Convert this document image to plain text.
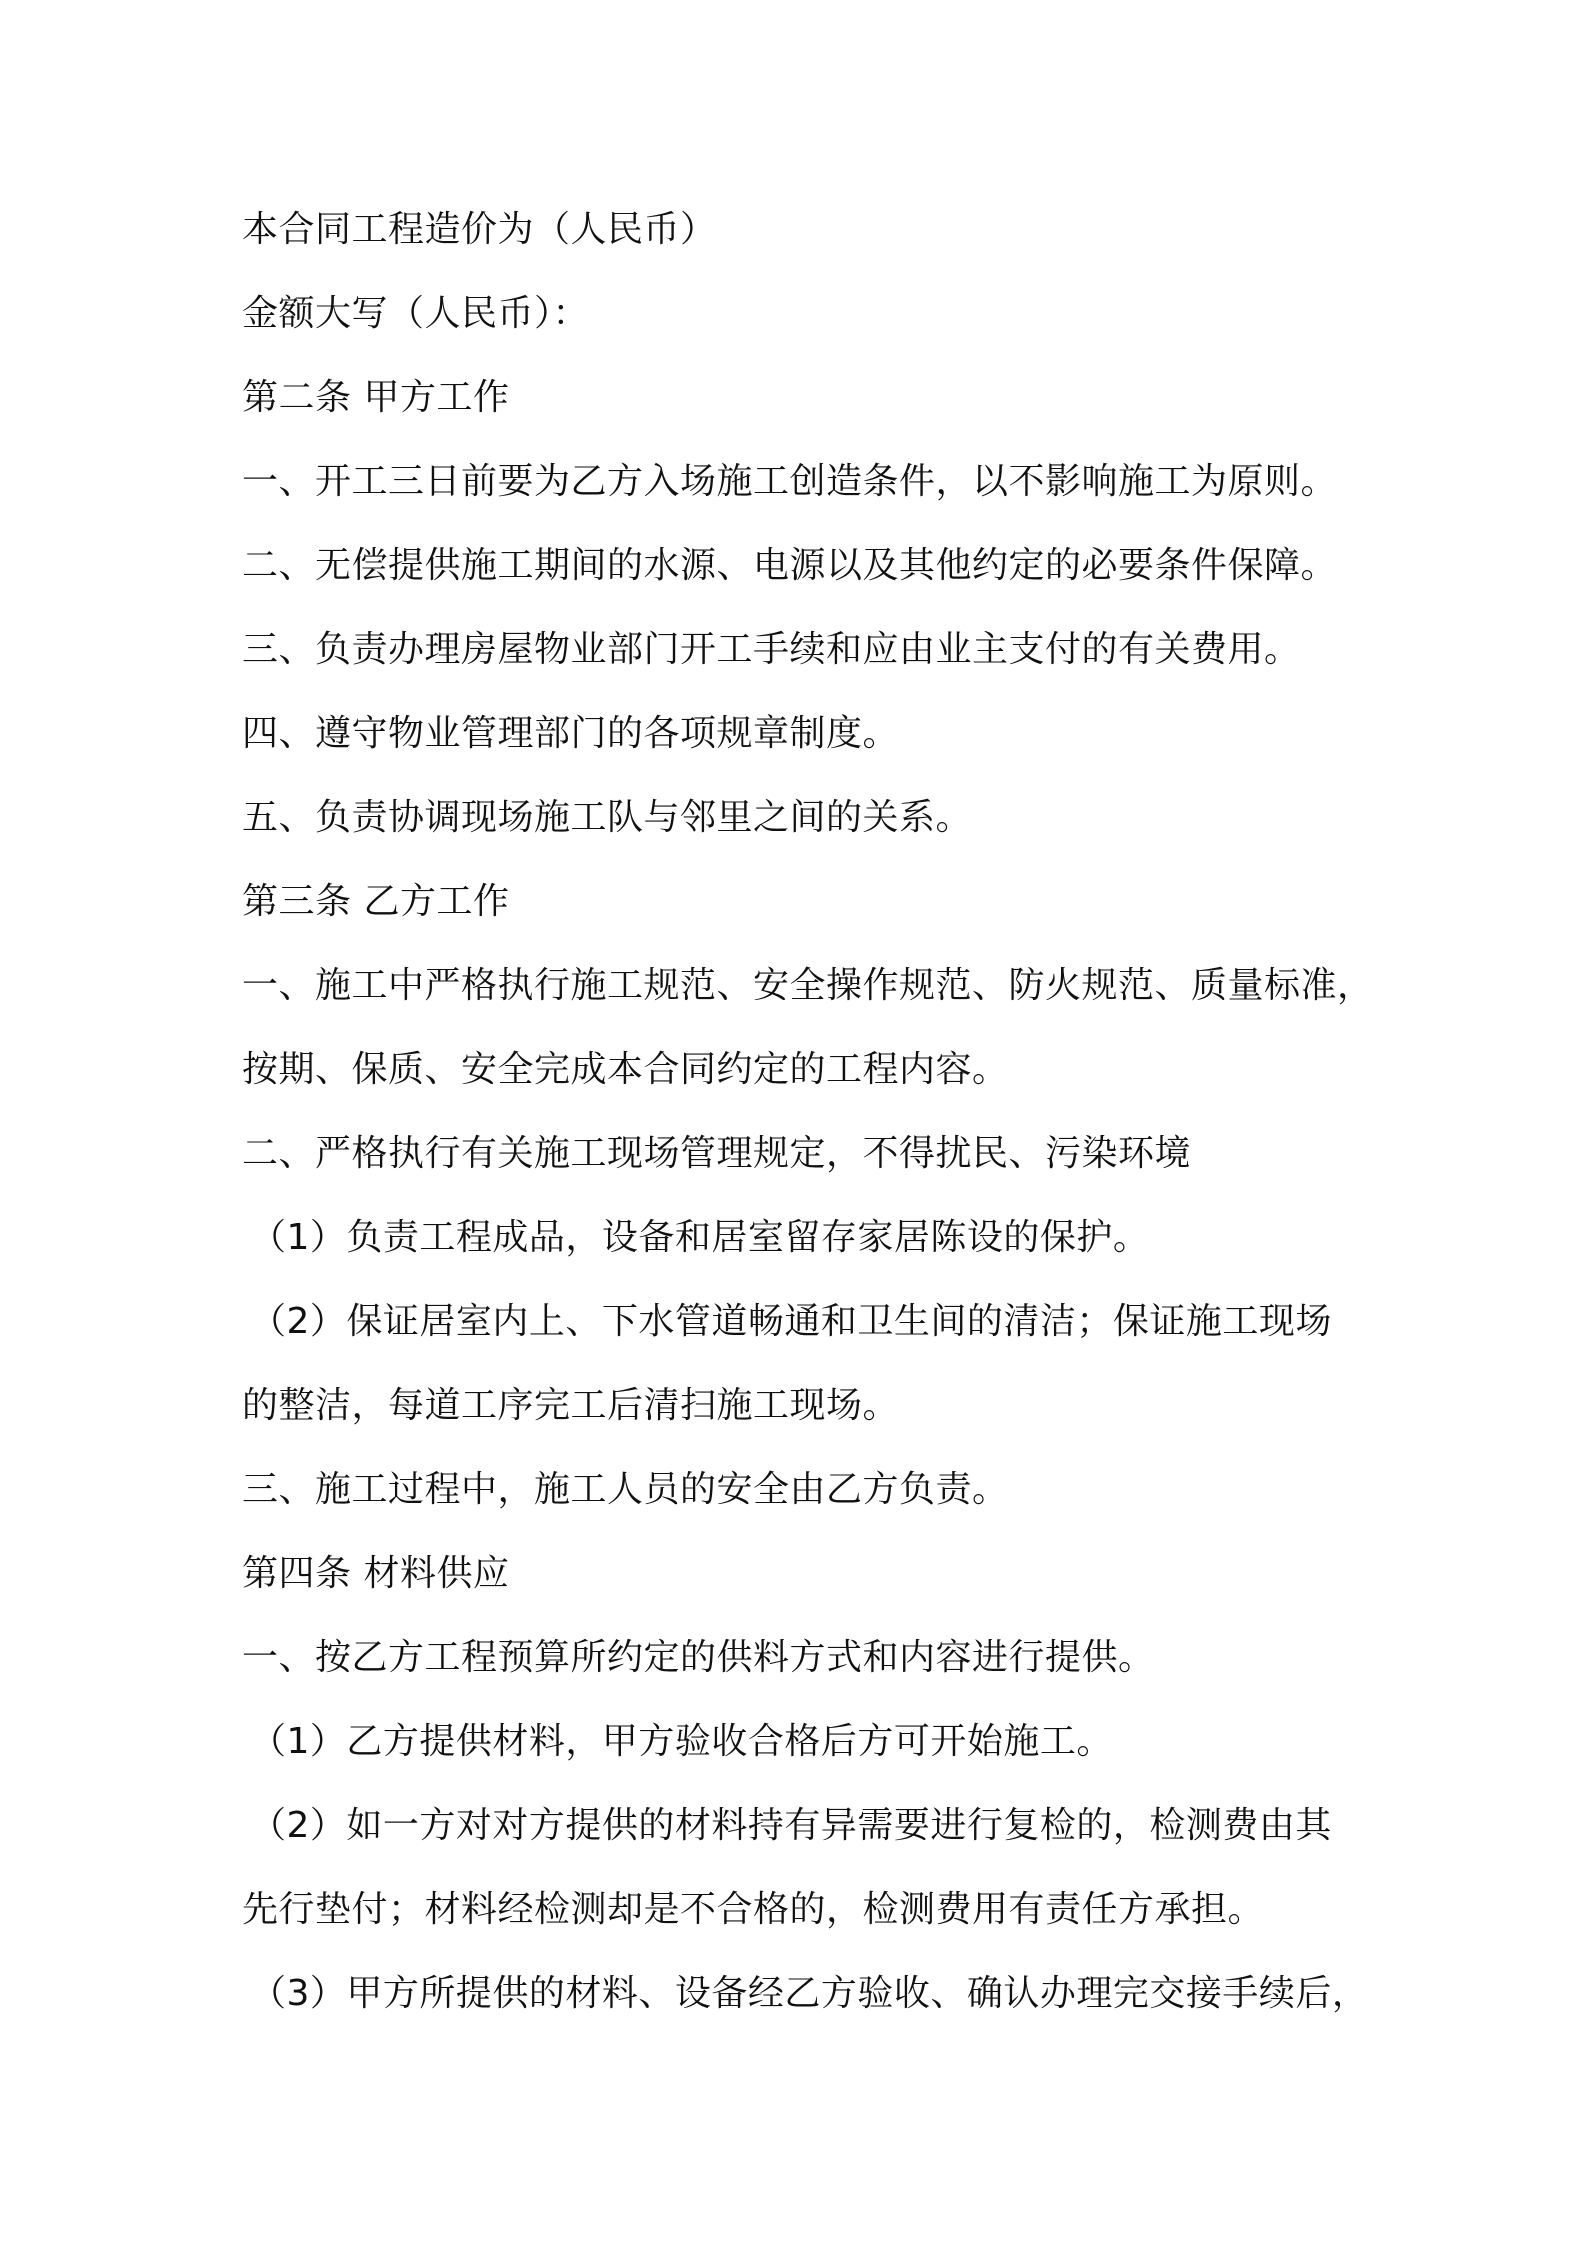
本合同工程造价为（人民币）
金额大写（人民币）：
第二条 甲方工作
一、开工三日前要为乙方入场施工创造条件，以不影响施工为原则。
二、无偿提供施工期间的水源、电源以及其他约定的必要条件保障。
三、负责办理房屋物业部门开工手续和应由业主支付的有关费用。
四、遵守物业管理部门的各项规章制度。
五、负责协调现场施工队与邻里之间的关系。
第三条 乙方工作
一、施工中严格执行施工规范、安全操作规范、防火规范、质量标准，
按期、保质、安全完成本合同约定的工程内容。
二、严格执行有关施工现场管理规定，不得扰民、污染环境
（1）负责工程成品，设备和居室留存家居陈设的保护。
（2）保证居室内上、下水管道畅通和卫生间的清洁；保证施工现场
的整洁，每道工序完工后清扫施工现场。
三、施工过程中，施工人员的安全由乙方负责。
第四条 材料供应
一、按乙方工程预算所约定的供料方式和内容进行提供。
（1）乙方提供材料，甲方验收合格后方可开始施工。
（2）如一方对对方提供的材料持有异需要进行复检的，检测费由其
先行垫付；材料经检测却是不合格的，检测费用有责任方承担。
（3）甲方所提供的材料、设备经乙方验收、确认办理完交接手续后，
